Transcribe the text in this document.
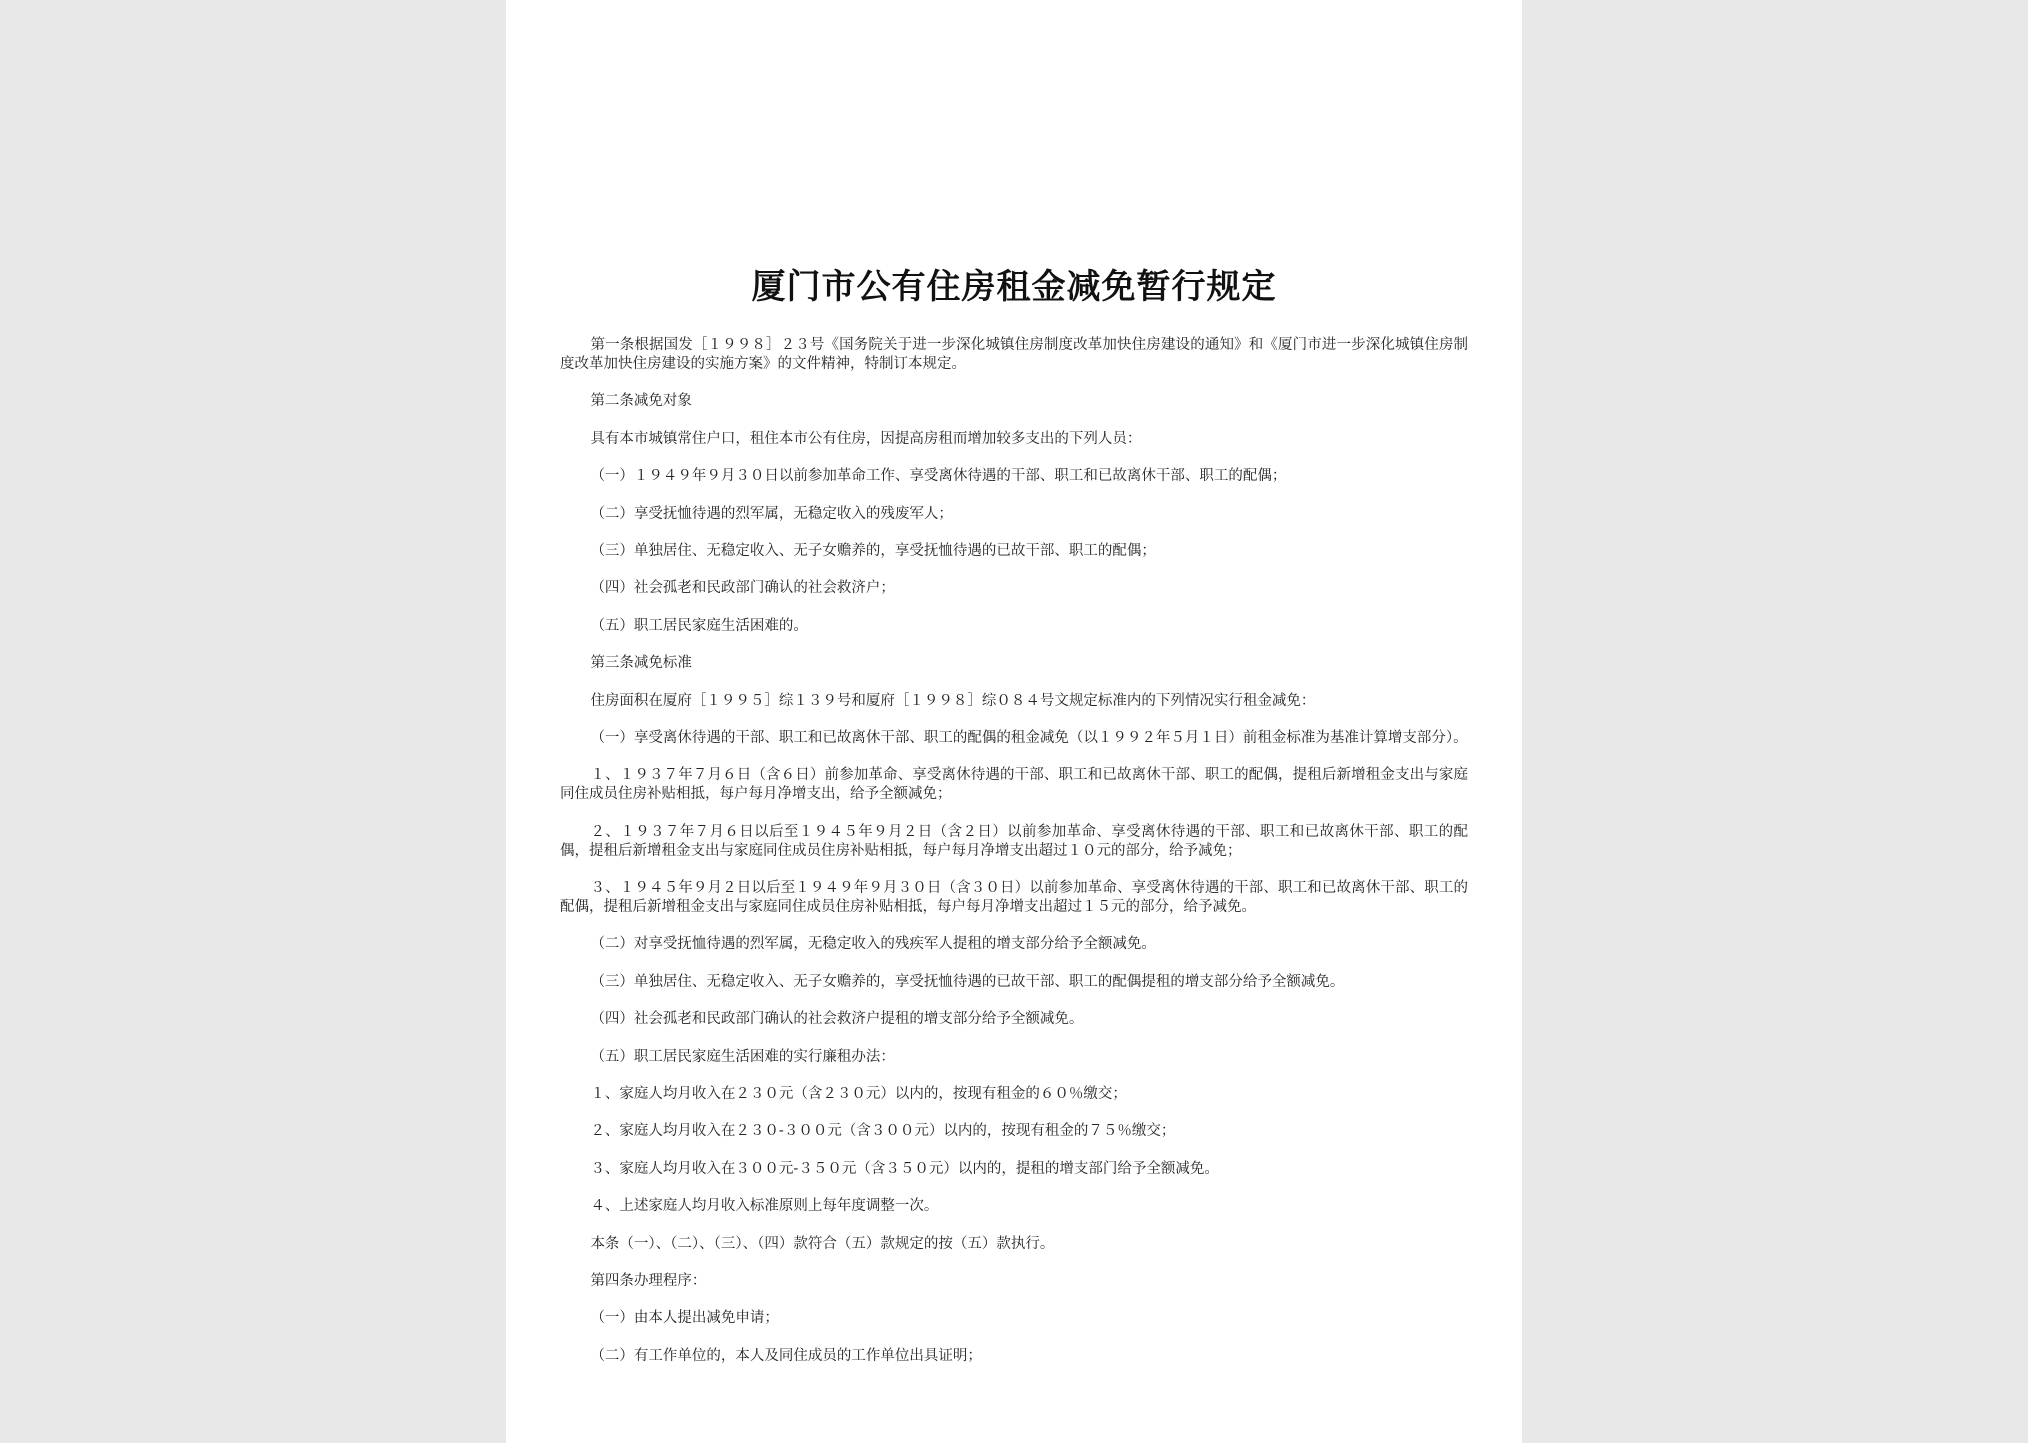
厦门市公有住房租金减免暂行规定

第一条根据国发［１９９８］２３号《国务院关于进一步深化城镇住房制度改革加快住房建设的通知》和《厦门市进一步深化城镇住房制度改革加快住房建设的实施方案》的文件精神，特制订本规定。

第二条减免对象

具有本市城镇常住户口，租住本市公有住房，因提高房租而增加较多支出的下列人员：

（一）１９４９年９月３０日以前参加革命工作、享受离休待遇的干部、职工和已故离休干部、职工的配偶；

（二）享受抚恤待遇的烈军属，无稳定收入的残废军人；

（三）单独居住、无稳定收入、无子女赡养的，享受抚恤待遇的已故干部、职工的配偶；

（四）社会孤老和民政部门确认的社会救济户；

（五）职工居民家庭生活困难的。

第三条减免标准

住房面积在厦府［１９９５］综１３９号和厦府［１９９８］综０８４号文规定标准内的下列情况实行租金减免：

（一）享受离休待遇的干部、职工和已故离休干部、职工的配偶的租金减免（以１９９２年５月１日）前租金标准为基准计算增支部分）。

１、１９３７年７月６日（含６日）前参加革命、享受离休待遇的干部、职工和已故离休干部、职工的配偶，提租后新增租金支出与家庭同住成员住房补贴相抵，每户每月净增支出，给予全额减免；

２、１９３７年７月６日以后至１９４５年９月２日（含２日）以前参加革命、享受离休待遇的干部、职工和已故离休干部、职工的配偶，提租后新增租金支出与家庭同住成员住房补贴相抵，每户每月净增支出超过１０元的部分，给予减免；

３、１９４５年９月２日以后至１９４９年９月３０日（含３０日）以前参加革命、享受离休待遇的干部、职工和已故离休干部、职工的配偶，提租后新增租金支出与家庭同住成员住房补贴相抵，每户每月净增支出超过１５元的部分，给予减免。

（二）对享受抚恤待遇的烈军属，无稳定收入的残疾军人提租的增支部分给予全额减免。

（三）单独居住、无稳定收入、无子女赡养的，享受抚恤待遇的已故干部、职工的配偶提租的增支部分给予全额减免。

（四）社会孤老和民政部门确认的社会救济户提租的增支部分给予全额减免。

（五）职工居民家庭生活困难的实行廉租办法：

１、家庭人均月收入在２３０元（含２３０元）以内的，按现有租金的６０％缴交；

２、家庭人均月收入在２３０-３００元（含３００元）以内的，按现有租金的７５％缴交；

３、家庭人均月收入在３００元-３５０元（含３５０元）以内的，提租的增支部门给予全额减免。

４、上述家庭人均月收入标准原则上每年度调整一次。

本条（一）、（二）、（三）、（四）款符合（五）款规定的按（五）款执行。

第四条办理程序：

（一）由本人提出减免申请；

（二）有工作单位的，本人及同住成员的工作单位出具证明；
